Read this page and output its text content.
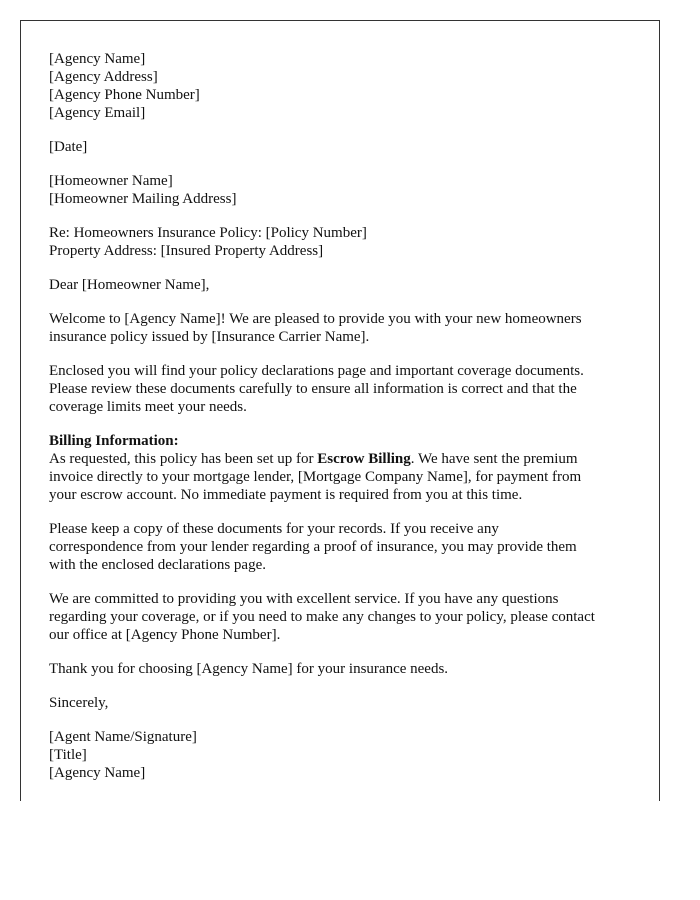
[Agency Name]
[Agency Address]
[Agency Phone Number]
[Agency Email]
[Date]
[Homeowner Name]
[Homeowner Mailing Address]
Re: Homeowners Insurance Policy: [Policy Number]
Property Address: [Insured Property Address]
Dear [Homeowner Name],
Welcome to [Agency Name]! We are pleased to provide you with your new homeowners
insurance policy issued by [Insurance Carrier Name].
Enclosed you will find your policy declarations page and important coverage documents.
Please review these documents carefully to ensure all information is correct and that the
coverage limits meet your needs.
Billing Information:
As requested, this policy has been set up for Escrow Billing. We have sent the premium
invoice directly to your mortgage lender, [Mortgage Company Name], for payment from
your escrow account. No immediate payment is required from you at this time.
Please keep a copy of these documents for your records. If you receive any
correspondence from your lender regarding a proof of insurance, you may provide them
with the enclosed declarations page.
We are committed to providing you with excellent service. If you have any questions
regarding your coverage, or if you need to make any changes to your policy, please contact
our office at [Agency Phone Number].
Thank you for choosing [Agency Name] for your insurance needs.
Sincerely,
[Agent Name/Signature]
[Title]
[Agency Name]
